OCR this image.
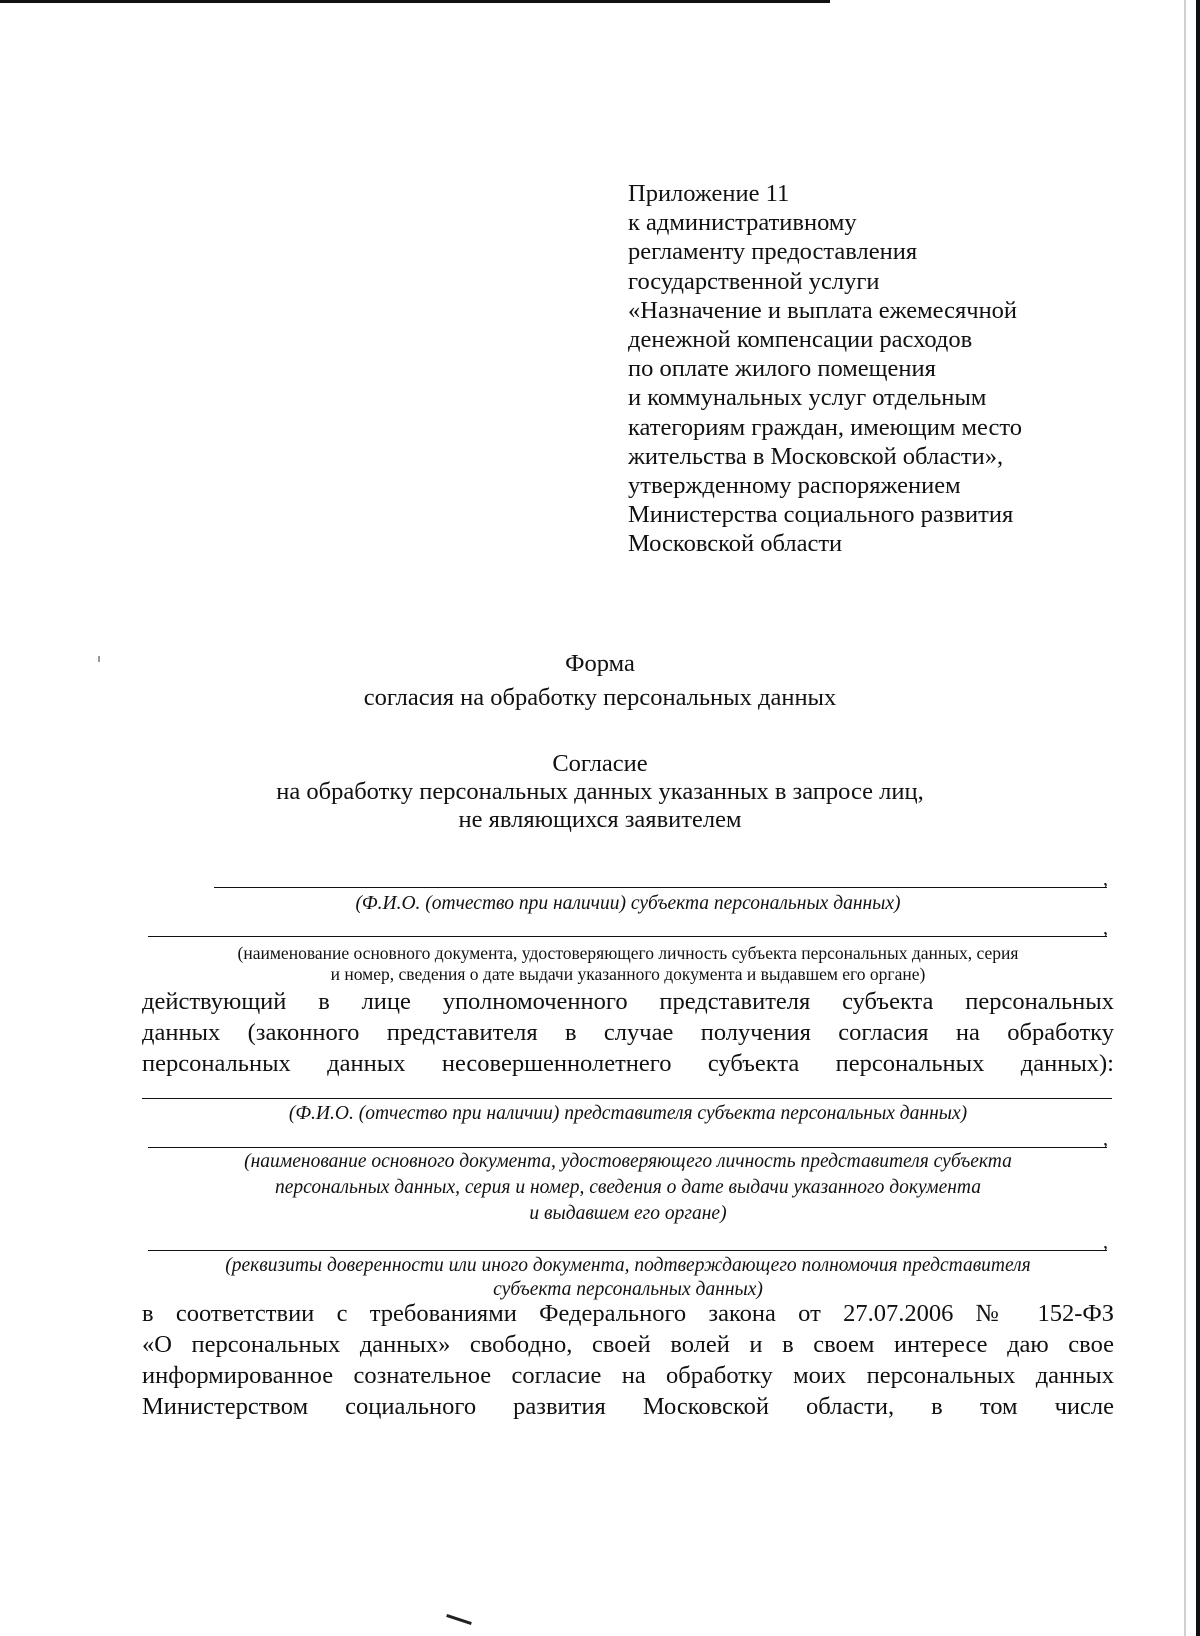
Приложение 11
к административному
регламенту предоставления
государственной услуги
«Назначение и выплата ежемесячной
денежной компенсации расходов
по оплате жилого помещения
и коммунальных услуг отдельным
категориям граждан, имеющим место
жительства в Московской области»,
утвержденному распоряжением
Министерства социального развития
Московской области
Форма
согласия на обработку персональных данных
Согласие
на обработку персональных данных указанных в запросе лиц,
не являющихся заявителем
,
(Ф.И.О. (отчество при наличии) субъекта персональных данных)
,
(наименование основного документа, удостоверяющего личность субъекта персональных данных, серия
и номер, сведения о дате выдачи указанного документа и выдавшем его органе)
действующий в лице уполномоченного представителя субъекта персональных
данных (законного представителя в случае получения согласия на обработку
персональных данных несовершеннолетнего субъекта персональных данных):
(Ф.И.О. (отчество при наличии) представителя субъекта персональных данных)
,
(наименование основного документа, удостоверяющего личность представителя субъекта
персональных данных, серия и номер, сведения о дате выдачи указанного документа
и выдавшем его органе)
,
(реквизиты доверенности или иного документа, подтверждающего полномочия представителя
субъекта персональных данных)
в соответствии с требованиями Федерального закона от 27.07.2006 № 152-ФЗ
«О персональных данных» свободно, своей волей и в своем интересе даю свое
информированное сознательное согласие на обработку моих персональных данных
Министерством социального развития Московской области, в том числе
